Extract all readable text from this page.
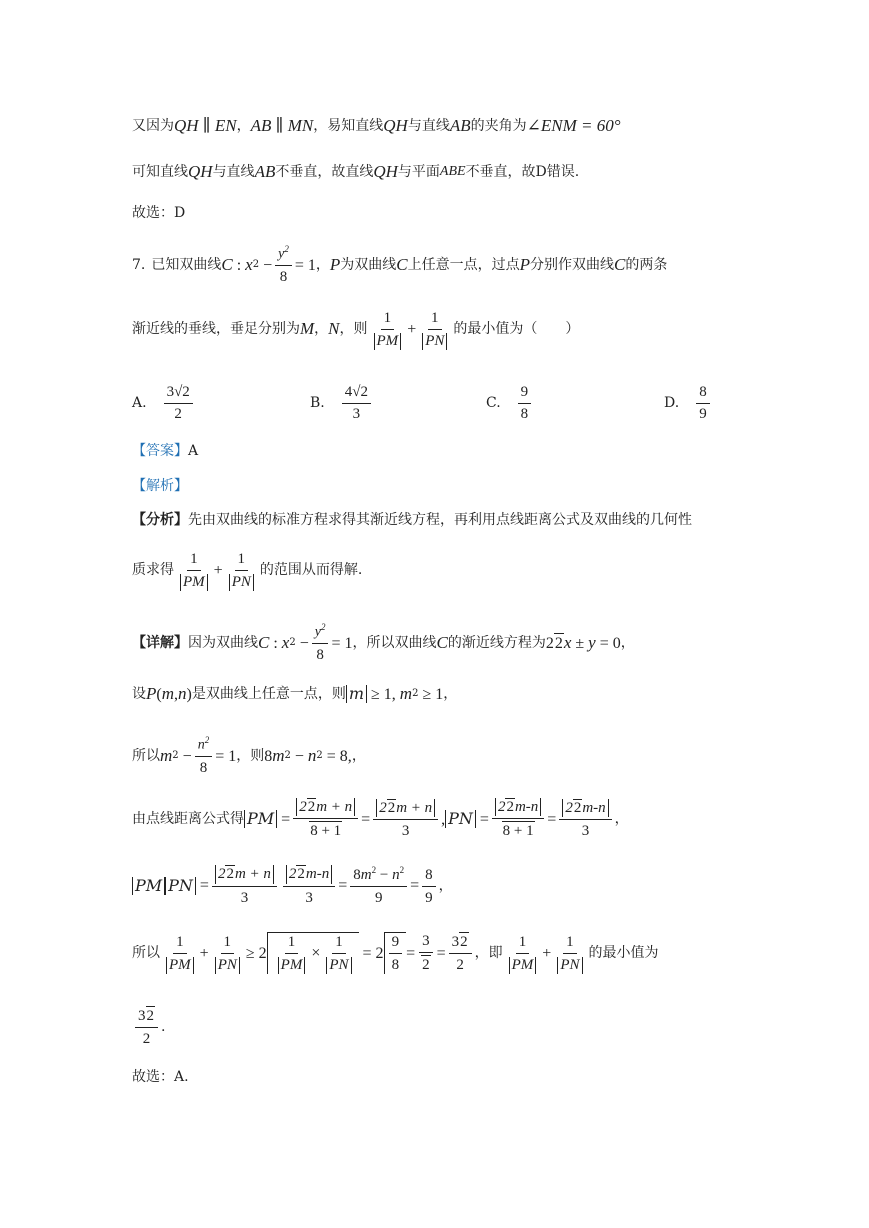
又因为 QH ∥ EN ， AB ∥ MN ，易知直线 QH 与直线 AB 的夹角为 ∠ENM = 60°
可知直线 QH 与直线 AB 不垂直，故直线 QH 与平面 ABE 不垂直，故D错误.
故选：D
7. 已知双曲线 C : x $2 - \frac{y^2}{8} = 1$ ， P 为双曲线 C 上任意一点，过点 P 分别作双曲线 C 的两条
渐近线的垂线，垂足分别为 M ， N ，则 $\frac{1}{PM} + \frac{1}{PN}$ 的最小值为（　　）
A. $\frac{3√2}{2}$	B. $\frac{4√2}{3}$	C. $\frac{9}{8}$	D. $\frac{8}{9}$
【答案】 A
【解析】
【分析】 先由双曲线的标准方程求得其渐近线方程，再利用点线距离公式及双曲线的几何性
质求得 $\frac{1}{PM} + \frac{1}{PN}$ 的范围从而得解.
【详解】 因为双曲线 C : x $2 - \frac{y^2}{8} = 1$ ，所以双曲线 C 的渐近线方程为 22 x ± y = 0 ，
设 P ( m , n ) 是双曲线上任意一点，则 m ≥ 1, m 2 ≥ 1 ，
所以 m $2 - \frac{n^2}{8} = 1$ ，则 8 m 2 − n 2 = 8, ，
由点线距离公式得 PM = $\frac{22m + n}{8 + 1} = \frac{22m + n}{3}$ , PN = $\frac{22m-n}{8 + 1} = \frac{22m-n}{3}$ ，
PM PN = $\frac{22m + n}{3} \frac{22m-n}{3} = \frac{8m^2 - n^2}{9} = \frac{8}{9}$ ，
所以 $\frac{1}{PM} + \frac{1}{PN} \ge 2 \frac{1}{PM} \times \frac{1}{PN} = 2 \frac{9}{8} = \frac{3}{2} = \frac{32}{2}$ ，即 $\frac{1}{PM} + \frac{1}{PN}$ 的最小值为
$\frac{32}{2}$ .
故选：A.
